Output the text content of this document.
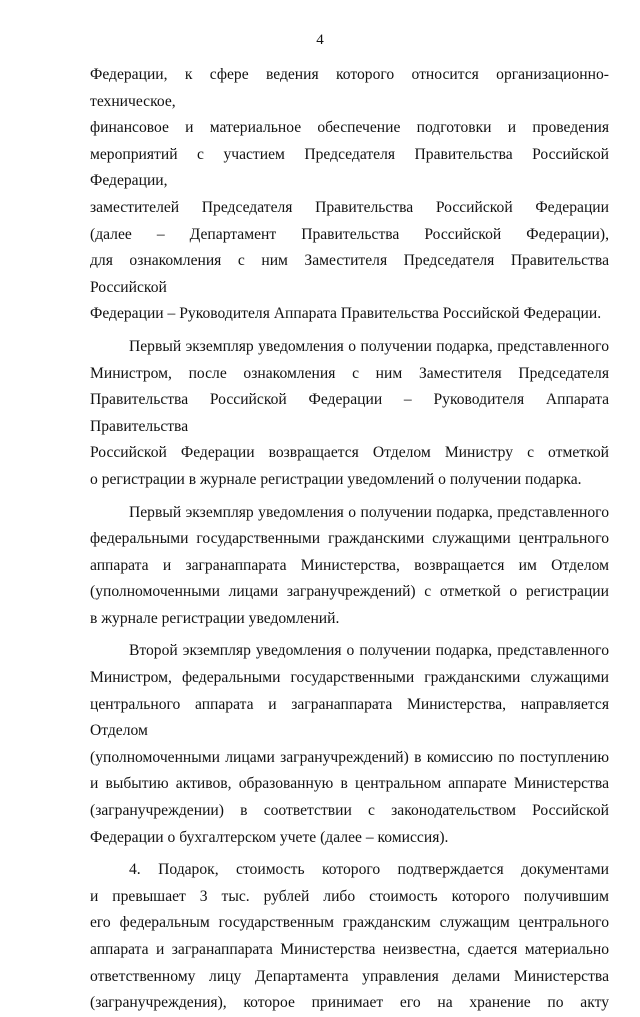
4

Федерации, к сфере ведения которого относится организационно-техническое,

финансовое и материальное обеспечение подготовки и проведения

мероприятий с участием Председателя Правительства Российской Федерации,

заместителей Председателя Правительства Российской Федерации

(далее – Департамент Правительства Российской Федерации),

для ознакомления с ним Заместителя Председателя Правительства Российской

Федерации – Руководителя Аппарата Правительства Российской Федерации.

Первый экземпляр уведомления о получении подарка, представленного

Министром, после ознакомления с ним Заместителя Председателя

Правительства Российской Федерации – Руководителя Аппарата Правительства

Российской Федерации возвращается Отделом Министру с отметкой

о регистрации в журнале регистрации уведомлений о получении подарка.

Первый экземпляр уведомления о получении подарка, представленного

федеральными государственными гражданскими служащими центрального

аппарата и загранаппарата Министерства, возвращается им Отделом

(уполномоченными лицами загранучреждений) с отметкой о регистрации

в журнале регистрации уведомлений.

Второй экземпляр уведомления о получении подарка, представленного

Министром, федеральными государственными гражданскими служащими

центрального аппарата и загранаппарата Министерства, направляется Отделом

(уполномоченными лицами загранучреждений) в комиссию по поступлению

и выбытию активов, образованную в центральном аппарате Министерства

(загранучреждении) в соответствии с законодательством Российской

Федерации о бухгалтерском учете (далее – комиссия).

4. Подарок, стоимость которого подтверждается документами

и превышает 3 тыс. рублей либо стоимость которого получившим

его федеральным государственным гражданским служащим центрального

аппарата и загранаппарата Министерства неизвестна, сдается материально

ответственному лицу Департамента управления делами Министерства

(загранучреждения), которое принимает его на хранение по акту
